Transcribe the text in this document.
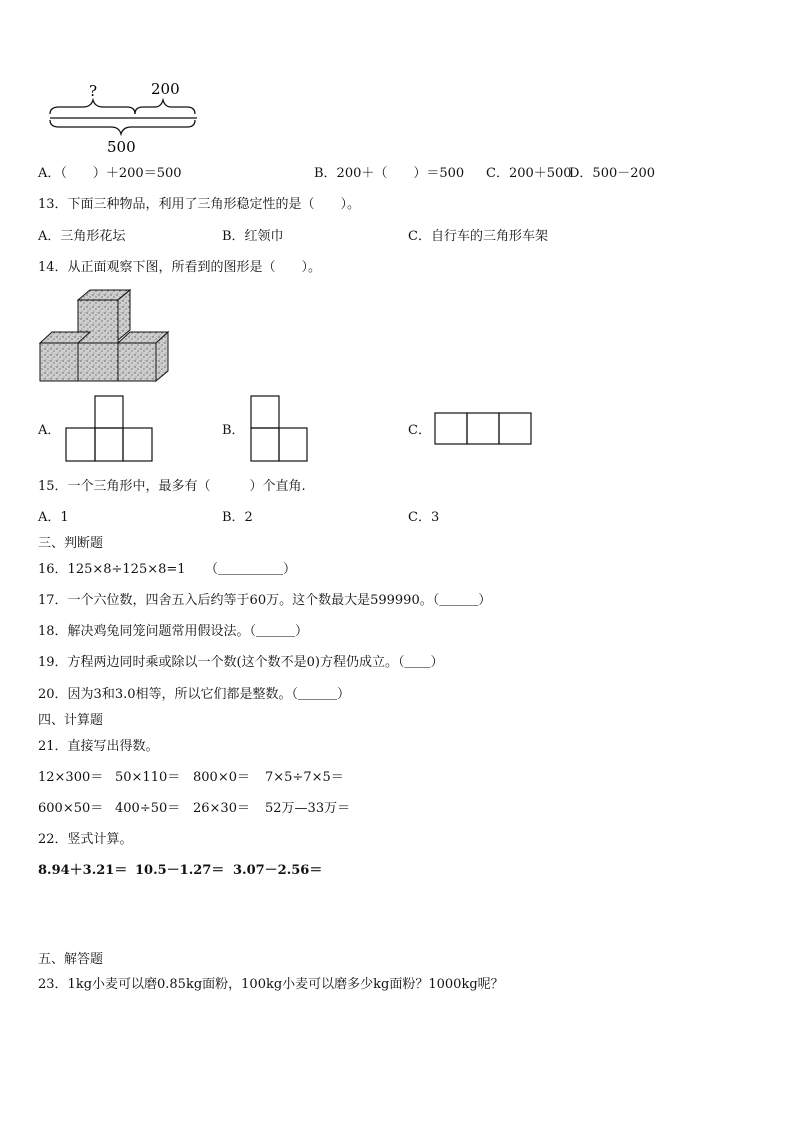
?	200
500
A．（　　）＋200＝500	B．200＋（　　）＝500 C．200＋500
D．500－200
13．下面三种物品，利用了三角形稳定性的是（　　）。
A．三角形花坛	B．红领巾	C．自行车的三角形车架
14．从正面观察下图，所看到的图形是（　　）。
A．	B．	C．
15．一个三角形中，最多有（　　　）个直角.
A．1	B．2	C．3
三、判断题
16．125×8÷125×8=1　　（＿＿＿＿＿）
17．一个六位数，四舍五入后约等于60万。这个数最大是599990。（＿＿＿）
18．解决鸡兔同笼问题常用假设法。（＿＿＿）
19．方程两边同时乘或除以一个数(这个数不是0)方程仍成立。（＿＿）
20．因为3和3.0相等，所以它们都是整数。（＿＿＿）
四、计算题
21．直接写出得数。
12×300＝ 50×110＝ 800×0＝ 7×5÷7×5＝
600×50＝ 400÷50＝ 26×30＝ 52万—33万＝
22．竖式计算。
8.94＋3.21＝ 10.5－1.27＝ 3.07－2.56＝
五、解答题
23．1kg小麦可以磨0.85kg面粉，100kg小麦可以磨多少kg面粉？1000kg呢？
